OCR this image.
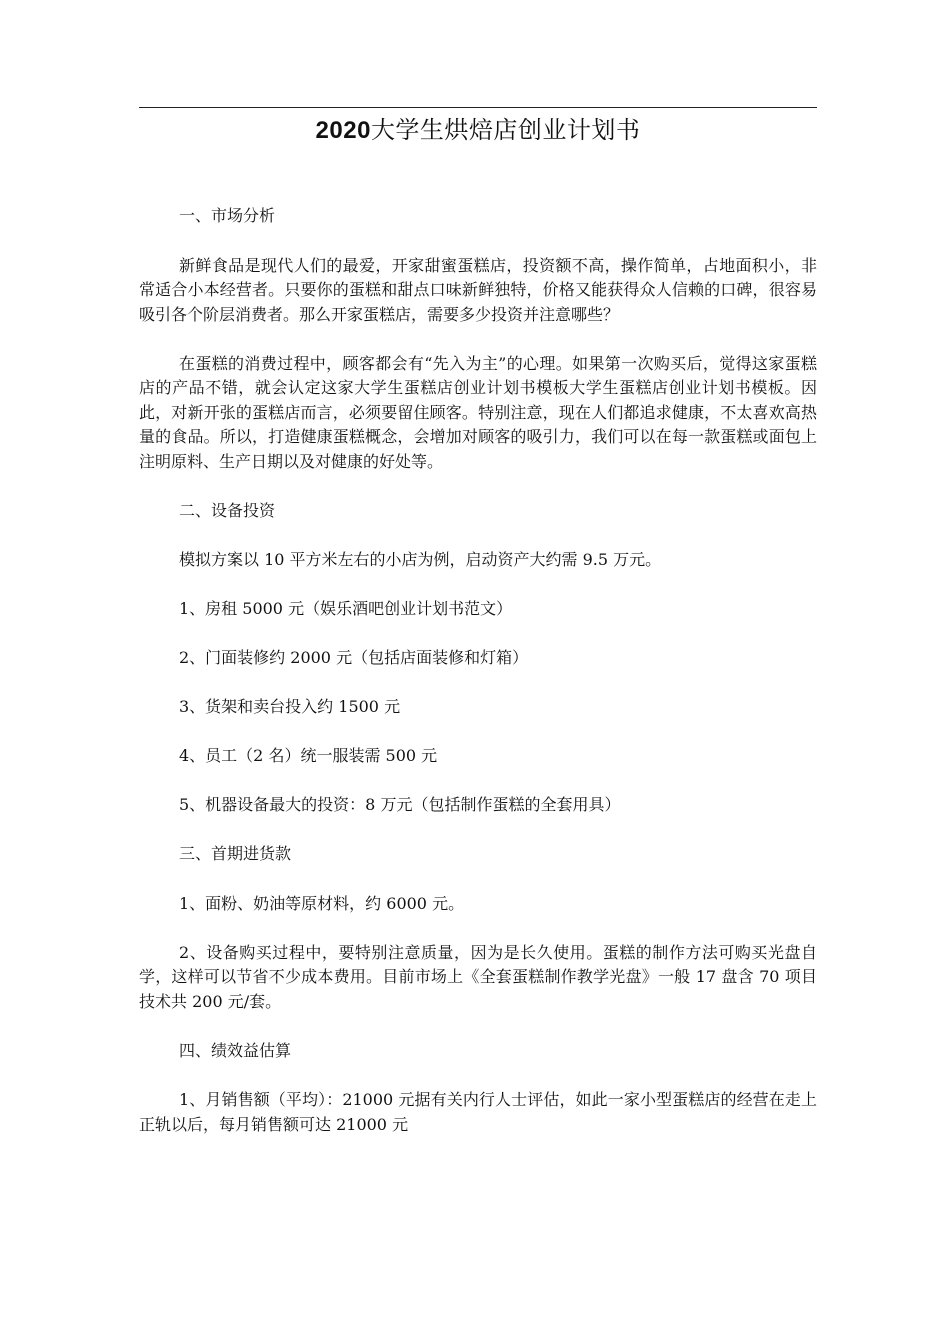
2020大学生烘焙店创业计划书

一、市场分析

新鲜食品是现代人们的最爱，开家甜蜜蛋糕店，投资额不高，操作简单，占地面积小，非常适合小本经营者。只要你的蛋糕和甜点口味新鲜独特，价格又能获得众人信赖的口碑，很容易吸引各个阶层消费者。那么开家蛋糕店，需要多少投资并注意哪些？

在蛋糕的消费过程中，顾客都会有“先入为主”的心理。如果第一次购买后，觉得这家蛋糕店的产品不错，就会认定这家大学生蛋糕店创业计划书模板大学生蛋糕店创业计划书模板。因此，对新开张的蛋糕店而言，必须要留住顾客。特别注意，现在人们都追求健康，不太喜欢高热量的食品。所以，打造健康蛋糕概念，会增加对顾客的吸引力，我们可以在每一款蛋糕或面包上注明原料、生产日期以及对健康的好处等。

二、设备投资

模拟方案以 10 平方米左右的小店为例，启动资产大约需 9.5 万元。

1、房租 5000 元（娱乐酒吧创业计划书范文）

2、门面装修约 2000 元（包括店面装修和灯箱）

3、货架和卖台投入约 1500 元

4、员工（2 名）统一服装需 500 元

5、机器设备最大的投资：8 万元（包括制作蛋糕的全套用具）

三、首期进货款

1、面粉、奶油等原材料，约 6000 元。

2、设备购买过程中，要特别注意质量，因为是长久使用。蛋糕的制作方法可购买光盘自学，这样可以节省不少成本费用。目前市场上《全套蛋糕制作教学光盘》一般 17 盘含 70 项目技术共 200 元/套。

四、绩效益估算

1、月销售额（平均）：21000 元据有关内行人士评估，如此一家小型蛋糕店的经营在走上正轨以后，每月销售额可达 21000 元
